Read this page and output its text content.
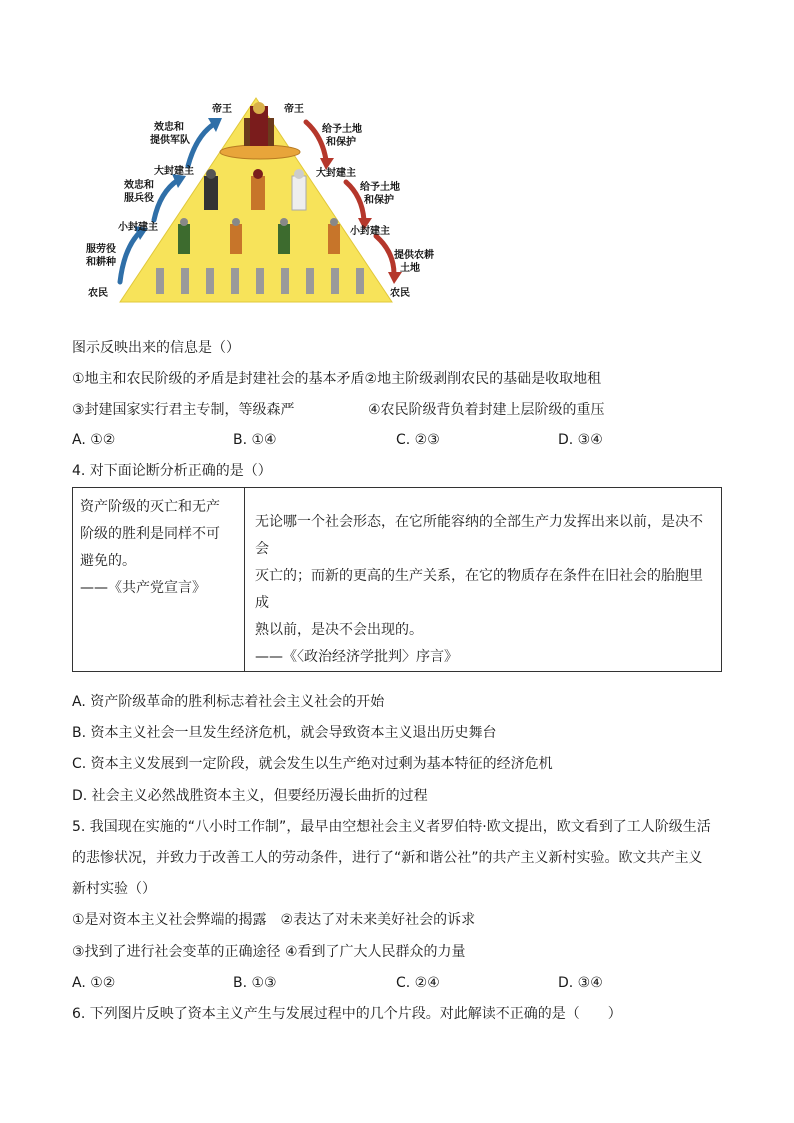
帝王
效忠和
提供军队
大封建主
效忠和
服兵役
小封建主
服劳役
和耕种
农民
帝王
给予土地
和保护
大封建主
给予土地
和保护
小封建主
提供农耕
土地
农民
图示反映出来的信息是（）
①地主和农民阶级的矛盾是封建社会的基本矛盾②地主阶级剥削农民的基础是收取地租
③封建国家实行君主专制，等级森严	④农民阶级背负着封建上层阶级的重压
A. ①②	B. ①④	C. ②③	D. ③④
4. 对下面论断分析正确的是（）
资产阶级的灭亡和无产
阶级的胜利是同样不可
避免的。
——《共产党宣言》

无论哪一个社会形态，在它所能容纳的全部生产力发挥出来以前，是决不会
灭亡的；而新的更高的生产关系，在它的物质存在条件在旧社会的胎胞里成
熟以前，是决不会出现的。
——《〈政治经济学批判〉序言》
A. 资产阶级革命的胜利标志着社会主义社会的开始
B. 资本主义社会一旦发生经济危机，就会导致资本主义退出历史舞台
C. 资本主义发展到一定阶段，就会发生以生产绝对过剩为基本特征的经济危机
D. 社会主义必然战胜资本主义，但要经历漫长曲折的过程
5. 我国现在实施的“八小时工作制”，最早由空想社会主义者罗伯特·欧文提出，欧文看到了工人阶级生活
的悲惨状况，并致力于改善工人的劳动条件，进行了“新和谐公社”的共产主义新村实验。欧文共产主义
新村实验（）
①是对资本主义社会弊端的揭露　②表达了对未来美好社会的诉求
③找到了进行社会变革的正确途径 ④看到了广大人民群众的力量
A. ①②	B. ①③	C. ②④	D. ③④
6. 下列图片反映了资本主义产生与发展过程中的几个片段。对此解读不正确的是（　　）
